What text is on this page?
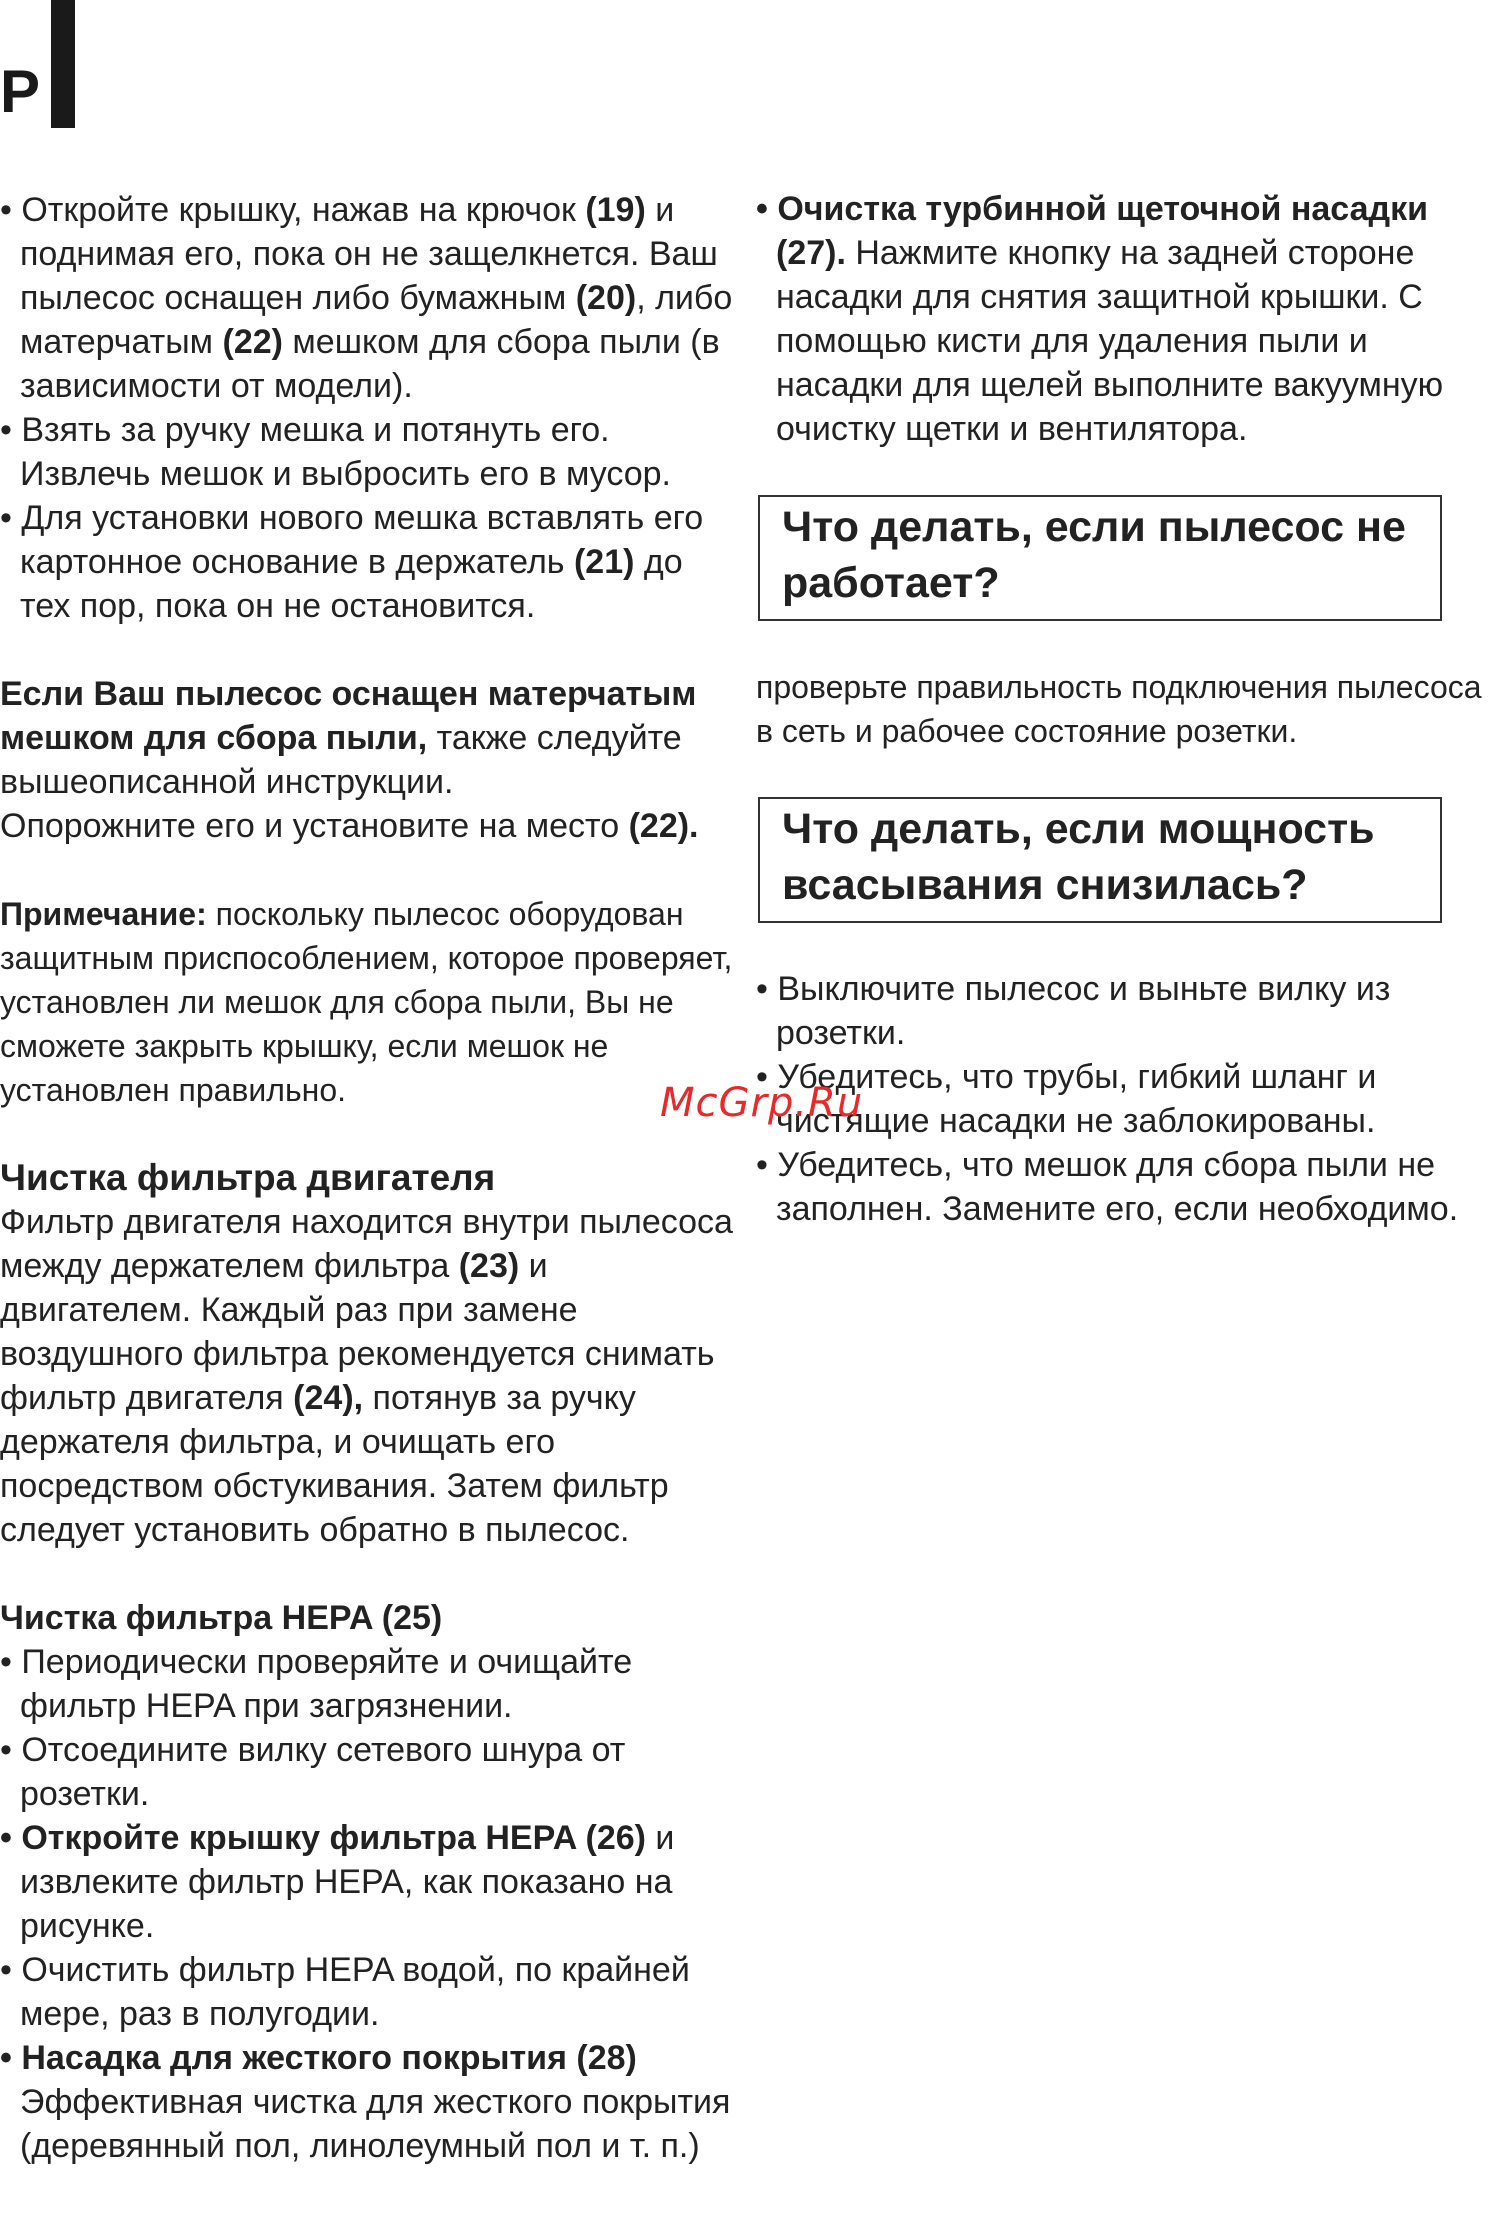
P

• Откройте крышку, нажав на крючок (19) и поднимая его, пока он не защелкнется. Ваш пылесос оснащен либо бумажным (20), либо матерчатым (22) мешком для сбора пыли (в зависимости от модели).

• Взять за ручку мешка и потянуть его. Извлечь мешок и выбросить его в мусор.

• Для установки нового мешка вставлять его картонное основание в держатель (21) до тех пор, пока он не остановится.

Если Ваш пылесос оснащен матерчатым мешком для сбора пыли, также следуйте вышеописанной инструкции.

Опорожните его и установите на место (22).

Примечание: поскольку пылесос оборудован защитным приспособлением, которое проверяет, установлен ли мешок для сбора пыли, Вы не сможете закрыть крышку, если мешок не установлен правильно.

Чистка фильтра двигателя

Фильтр двигателя находится внутри пылесоса между держателем фильтра (23) и двигателем. Каждый раз при замене воздушного фильтра рекомендуется снимать фильтр двигателя (24), потянув за ручку держателя фильтра, и очищать его посредством обстукивания. Затем фильтр следует установить обратно в пылесос.

Чистка фильтра HEPA (25)

• Периодически проверяйте и очищайте фильтр HEPA при загрязнении.

• Отсоедините вилку сетевого шнура от розетки.

• Откройте крышку фильтра HEPA (26) и извлеките фильтр HEPA, как показано на рисунке.

• Очистить фильтр HEPA водой, по крайней мере, раз в полугодии.

• Насадка для жесткого покрытия (28) Эффективная чистка для жесткого покрытия (деревянный пол, линолеумный пол и т. п.)

• Очистка турбинной щеточной насадки (27). Нажмите кнопку на задней стороне насадки для снятия защитной крышки. С помощью кисти для удаления пыли и насадки для щелей выполните вакуумную очистку щетки и вентилятора.

Что делать, если пылесос не работает?

проверьте правильность подключения пылесоса в сеть и рабочее состояние розетки.

Что делать, если мощность всасывания снизилась?

• Выключите пылесос и выньте вилку из розетки.

• Убедитесь, что трубы, гибкий шланг и чистящие насадки не заблокированы.

• Убедитесь, что мешок для сбора пыли не заполнен. Замените его, если необходимо.

McGrp.Ru
